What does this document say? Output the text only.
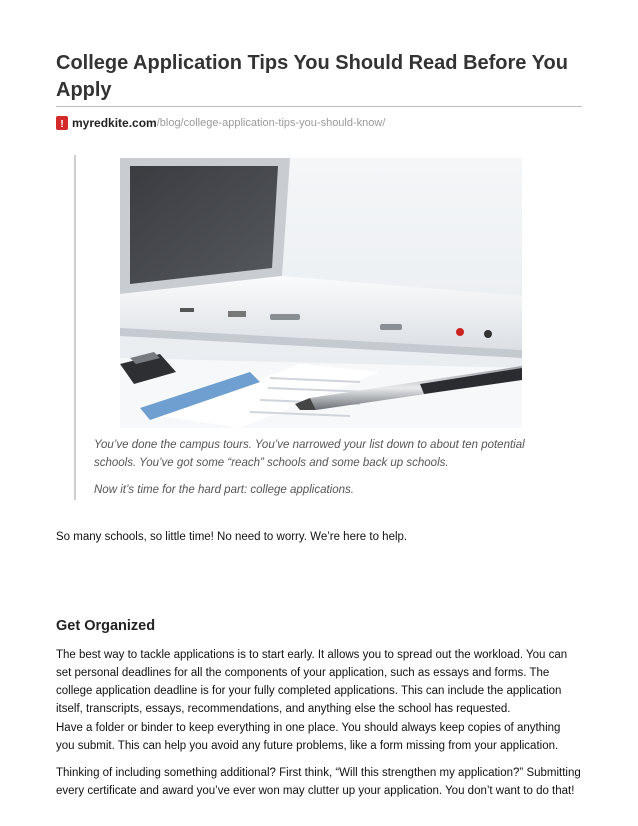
College Application Tips You Should Read Before You Apply
! myredkite.com /blog/college-application-tips-you-should-know/

You’ve done the campus tours. You’ve narrowed your list down to about ten potential schools. You’ve got some “reach” schools and some back up schools.

Now it’s time for the hard part: college applications.

So many schools, so little time! No need to worry. We’re here to help.

Get Organized

The best way to tackle applications is to start early. It allows you to spread out the workload. You can set personal deadlines for all the components of your application, such as essays and forms. The college application deadline is for your fully completed applications. This can include the application itself, transcripts, essays, recommendations, and anything else the school has requested.

Have a folder or binder to keep everything in one place. You should always keep copies of anything you submit. This can help you avoid any future problems, like a form missing from your application.

Thinking of including something additional? First think, “Will this strengthen my application?” Submitting every certificate and award you’ve ever won may clutter up your application. You don’t want to do that!
